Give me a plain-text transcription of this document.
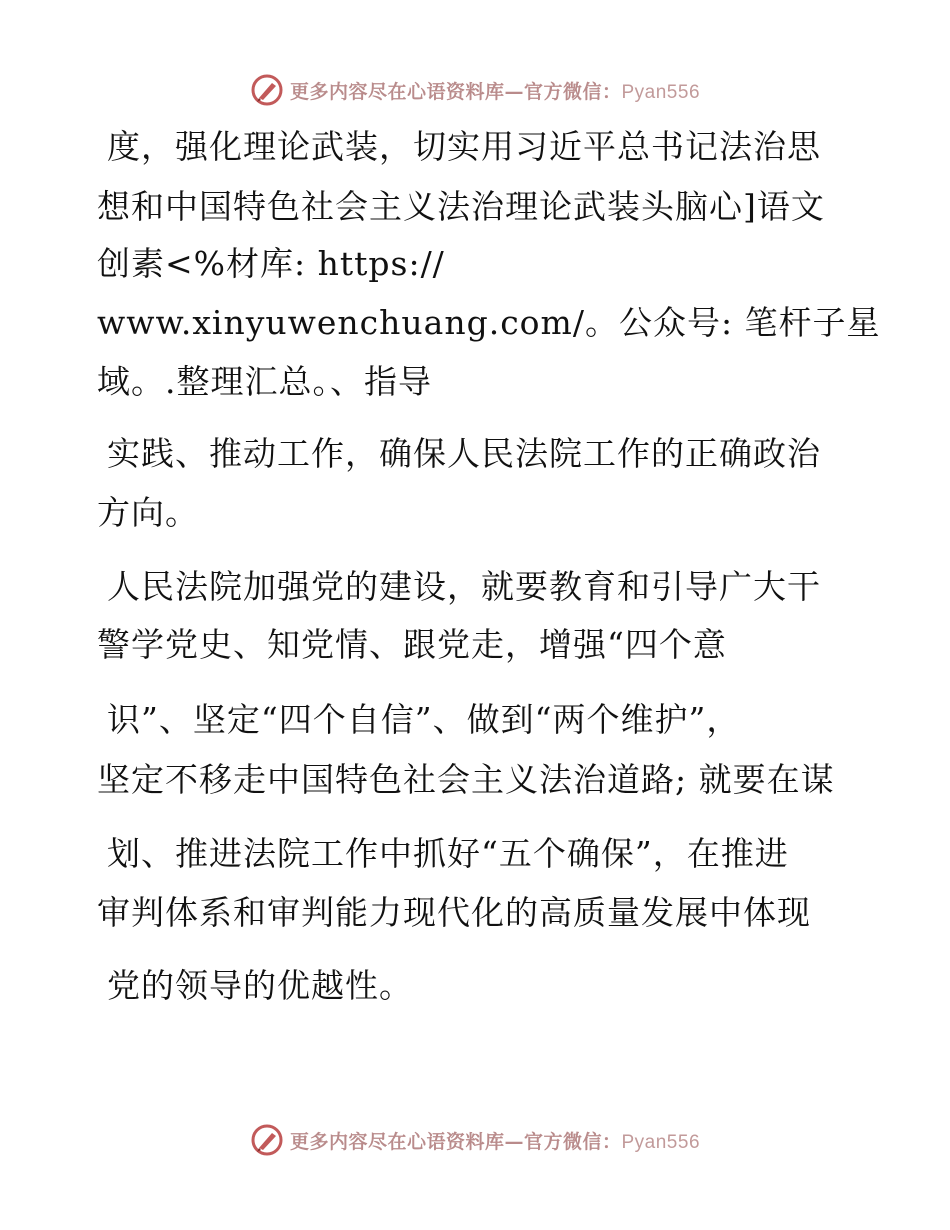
更多内容尽在心语资料库—官方微信：Pyan556
度，强化理论武装，切实用习近平总书记法治思
想和中国特色社会主义法治理论武装头脑心]语文
创素<%材库: https://
www.xinyuwenchuang.com/。公众号: 笔杆子星
域。.整理汇总。、指导
实践、推动工作，确保人民法院工作的正确政治
方向。
人民法院加强党的建设，就要教育和引导广大干
警学党史、知党情、跟党走，增强“四个意
识”、坚定“四个自信”、做到“两个维护”，
坚定不移走中国特色社会主义法治道路; 就要在谋
划、推进法院工作中抓好“五个确保”，在推进
审判体系和审判能力现代化的高质量发展中体现
党的领导的优越性。
更多内容尽在心语资料库—官方微信：Pyan556
